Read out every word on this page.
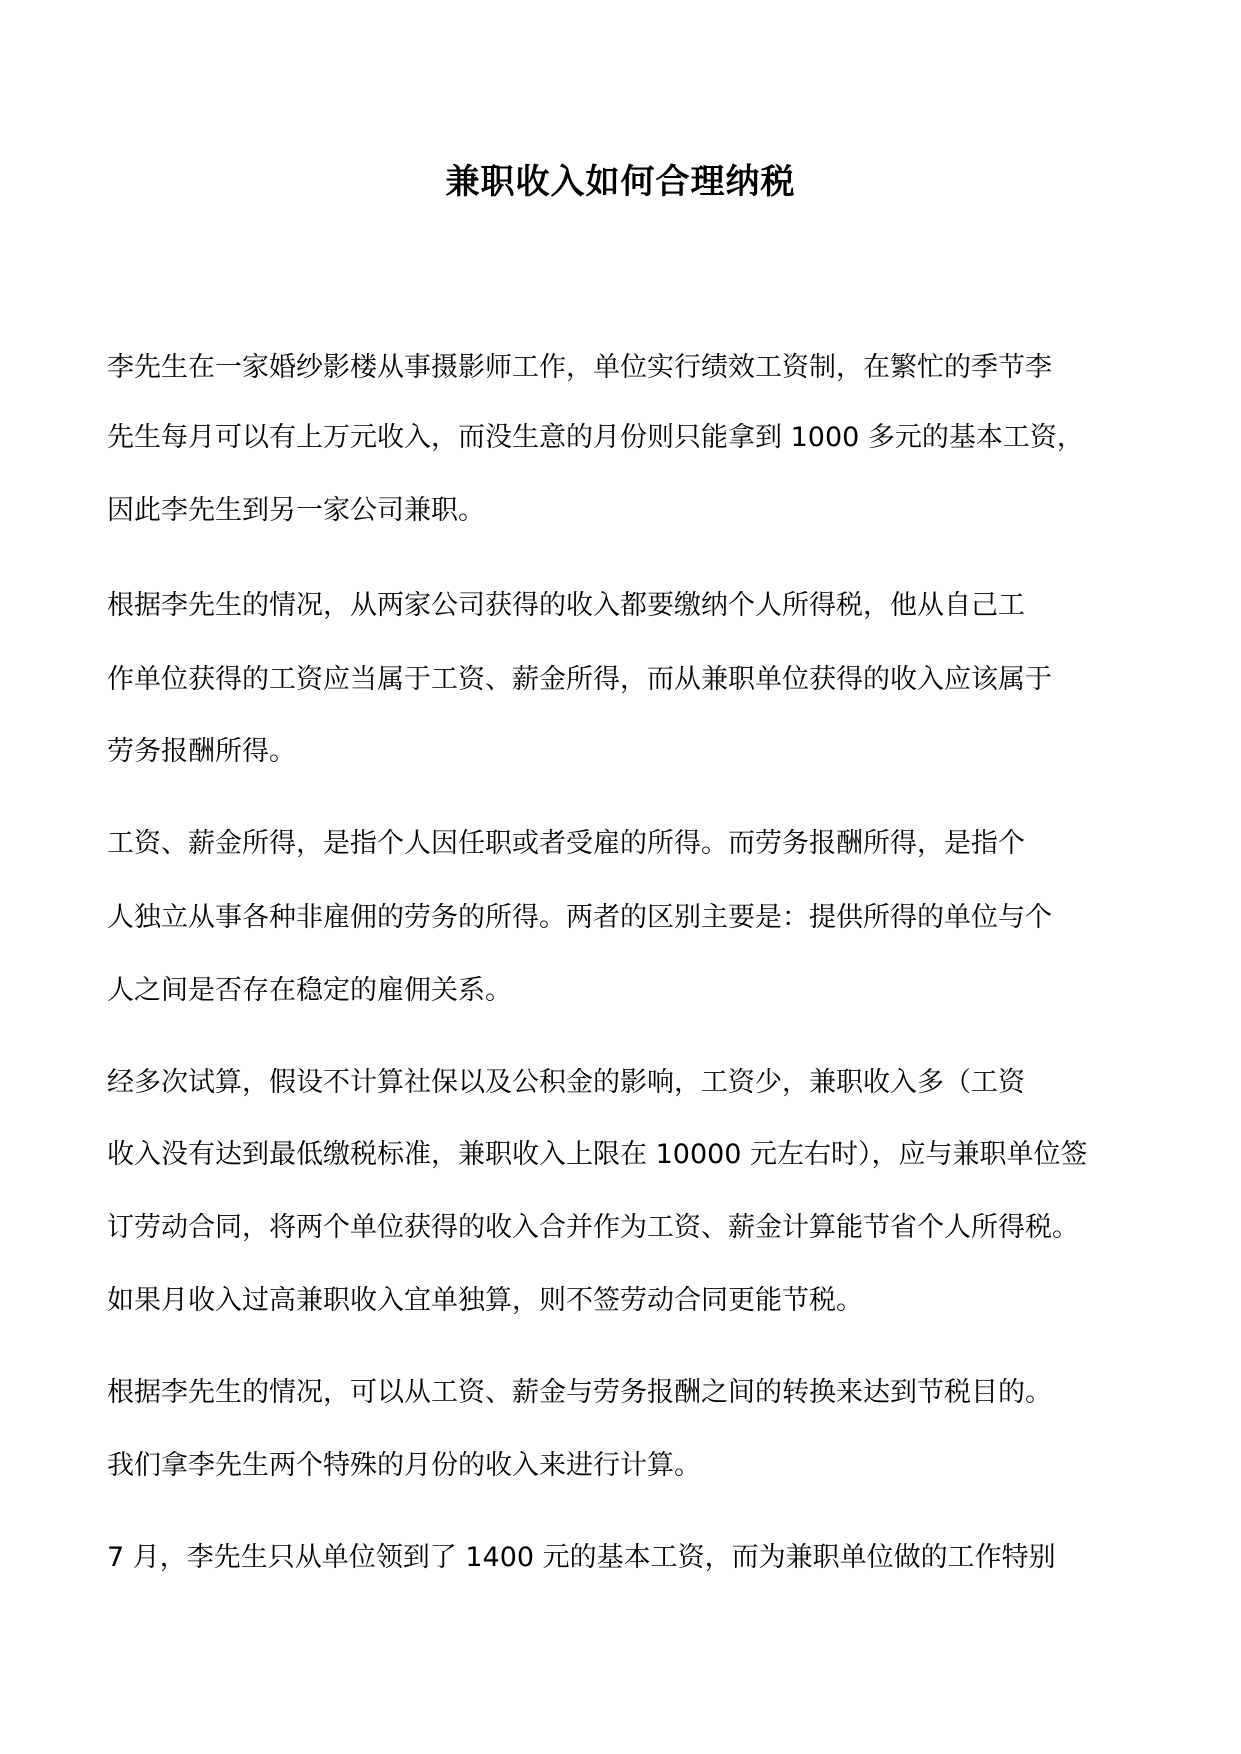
兼职收入如何合理纳税
李先生在一家婚纱影楼从事摄影师工作，单位实行绩效工资制，在繁忙的季节李
先生每月可以有上万元收入，而没生意的月份则只能拿到 1000 多元的基本工资，
因此李先生到另一家公司兼职。
根据李先生的情况，从两家公司获得的收入都要缴纳个人所得税，他从自己工
作单位获得的工资应当属于工资、薪金所得，而从兼职单位获得的收入应该属于
劳务报酬所得。
工资、薪金所得，是指个人因任职或者受雇的所得。而劳务报酬所得，是指个
人独立从事各种非雇佣的劳务的所得。两者的区别主要是：提供所得的单位与个
人之间是否存在稳定的雇佣关系。
经多次试算，假设不计算社保以及公积金的影响，工资少，兼职收入多（工资
收入没有达到最低缴税标准，兼职收入上限在 10000 元左右时），应与兼职单位签
订劳动合同，将两个单位获得的收入合并作为工资、薪金计算能节省个人所得税。
如果月收入过高兼职收入宜单独算，则不签劳动合同更能节税。
根据李先生的情况，可以从工资、薪金与劳务报酬之间的转换来达到节税目的。
我们拿李先生两个特殊的月份的收入来进行计算。
7 月，李先生只从单位领到了 1400 元的基本工资，而为兼职单位做的工作特别
